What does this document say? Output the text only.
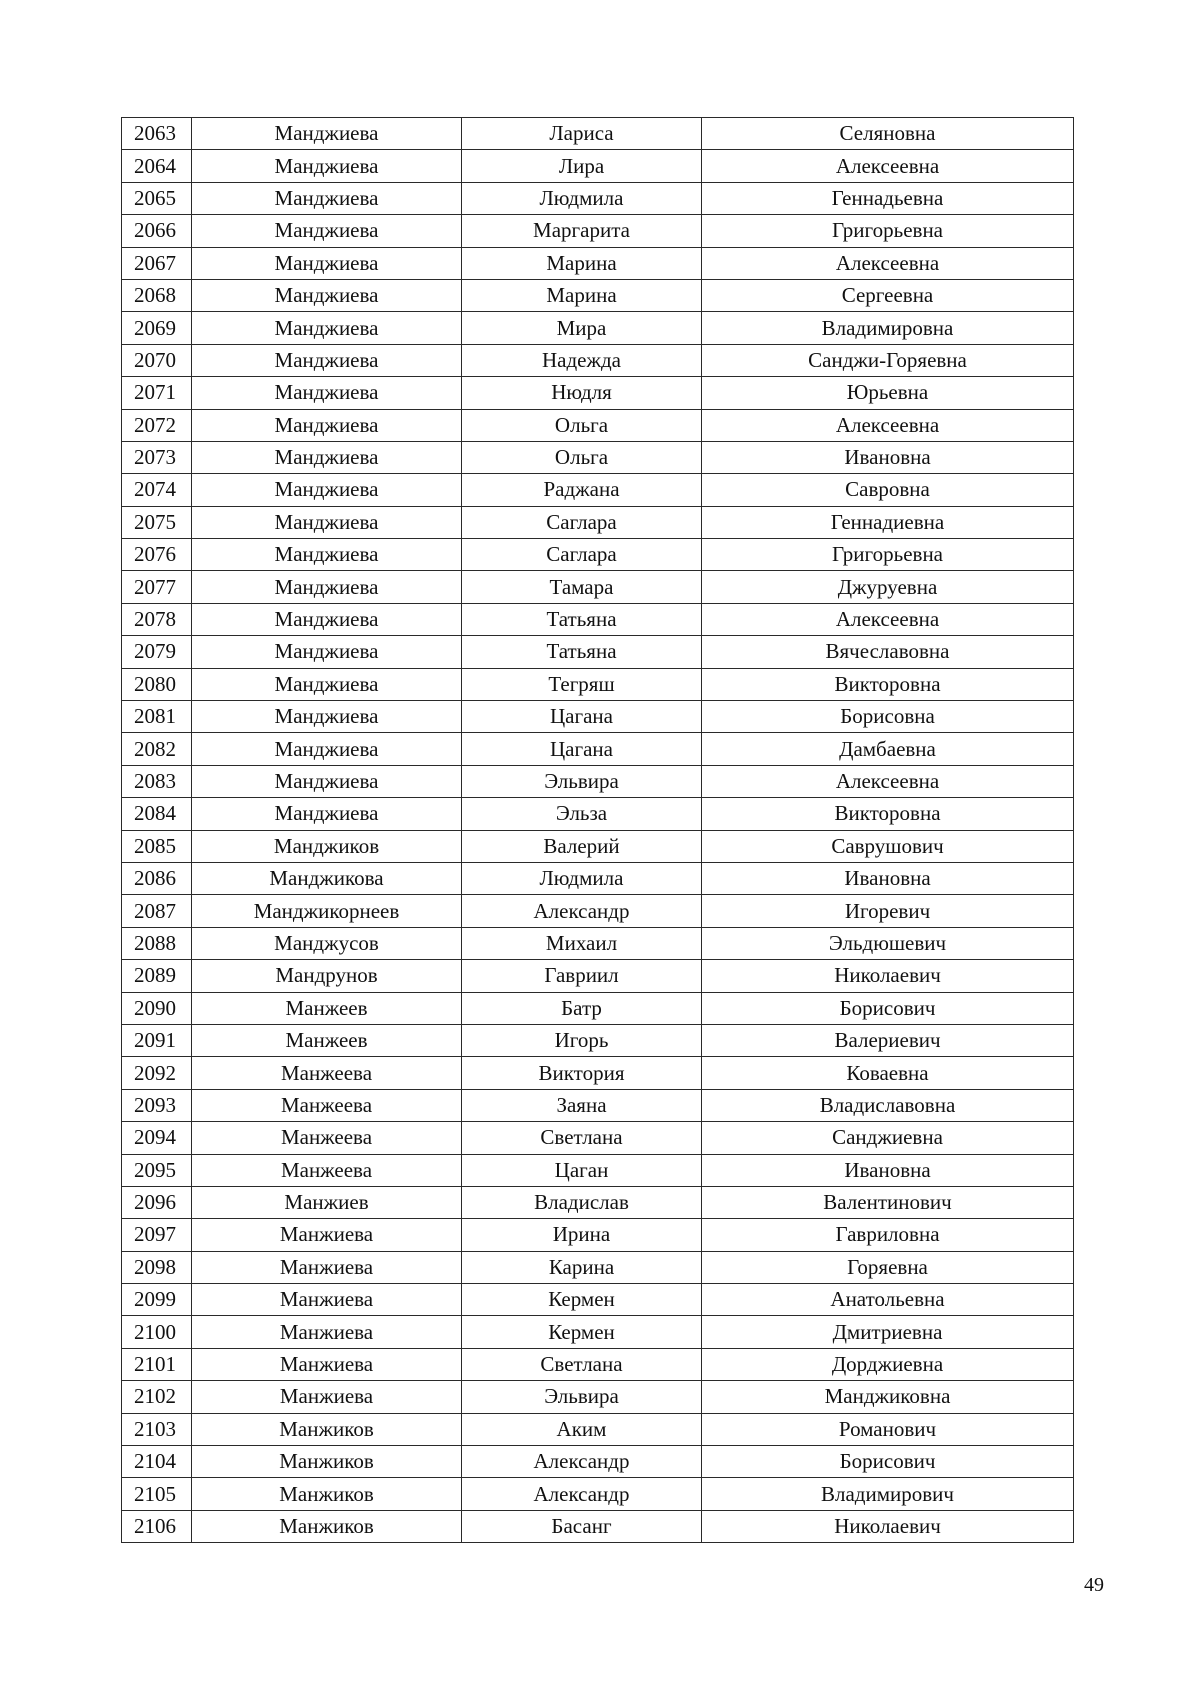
2063	Манджиева	Лариса	Селяновна
2064	Манджиева	Лира	Алексеевна
2065	Манджиева	Людмила	Геннадьевна
2066	Манджиева	Маргарита	Григорьевна
2067	Манджиева	Марина	Алексеевна
2068	Манджиева	Марина	Сергеевна
2069	Манджиева	Мира	Владимировна
2070	Манджиева	Надежда	Санджи-Горяевна
2071	Манджиева	Нюдля	Юрьевна
2072	Манджиева	Ольга	Алексеевна
2073	Манджиева	Ольга	Ивановна
2074	Манджиева	Раджана	Савровна
2075	Манджиева	Саглара	Геннадиевна
2076	Манджиева	Саглара	Григорьевна
2077	Манджиева	Тамара	Джуруевна
2078	Манджиева	Татьяна	Алексеевна
2079	Манджиева	Татьяна	Вячеславовна
2080	Манджиева	Тегряш	Викторовна
2081	Манджиева	Цагана	Борисовна
2082	Манджиева	Цагана	Дамбаевна
2083	Манджиева	Эльвира	Алексеевна
2084	Манджиева	Эльза	Викторовна
2085	Манджиков	Валерий	Саврушович
2086	Манджикова	Людмила	Ивановна
2087	Манджикорнеев	Александр	Игоревич
2088	Манджусов	Михаил	Эльдюшевич
2089	Мандрунов	Гавриил	Николаевич
2090	Манжеев	Батр	Борисович
2091	Манжеев	Игорь	Валериевич
2092	Манжеева	Виктория	Коваевна
2093	Манжеева	Заяна	Владиславовна
2094	Манжеева	Светлана	Санджиевна
2095	Манжеева	Цаган	Ивановна
2096	Манжиев	Владислав	Валентинович
2097	Манжиева	Ирина	Гавриловна
2098	Манжиева	Карина	Горяевна
2099	Манжиева	Кермен	Анатольевна
2100	Манжиева	Кермен	Дмитриевна
2101	Манжиева	Светлана	Дорджиевна
2102	Манжиева	Эльвира	Манджиковна
2103	Манжиков	Аким	Романович
2104	Манжиков	Александр	Борисович
2105	Манжиков	Александр	Владимирович
2106	Манжиков	Басанг	Николаевич
49
